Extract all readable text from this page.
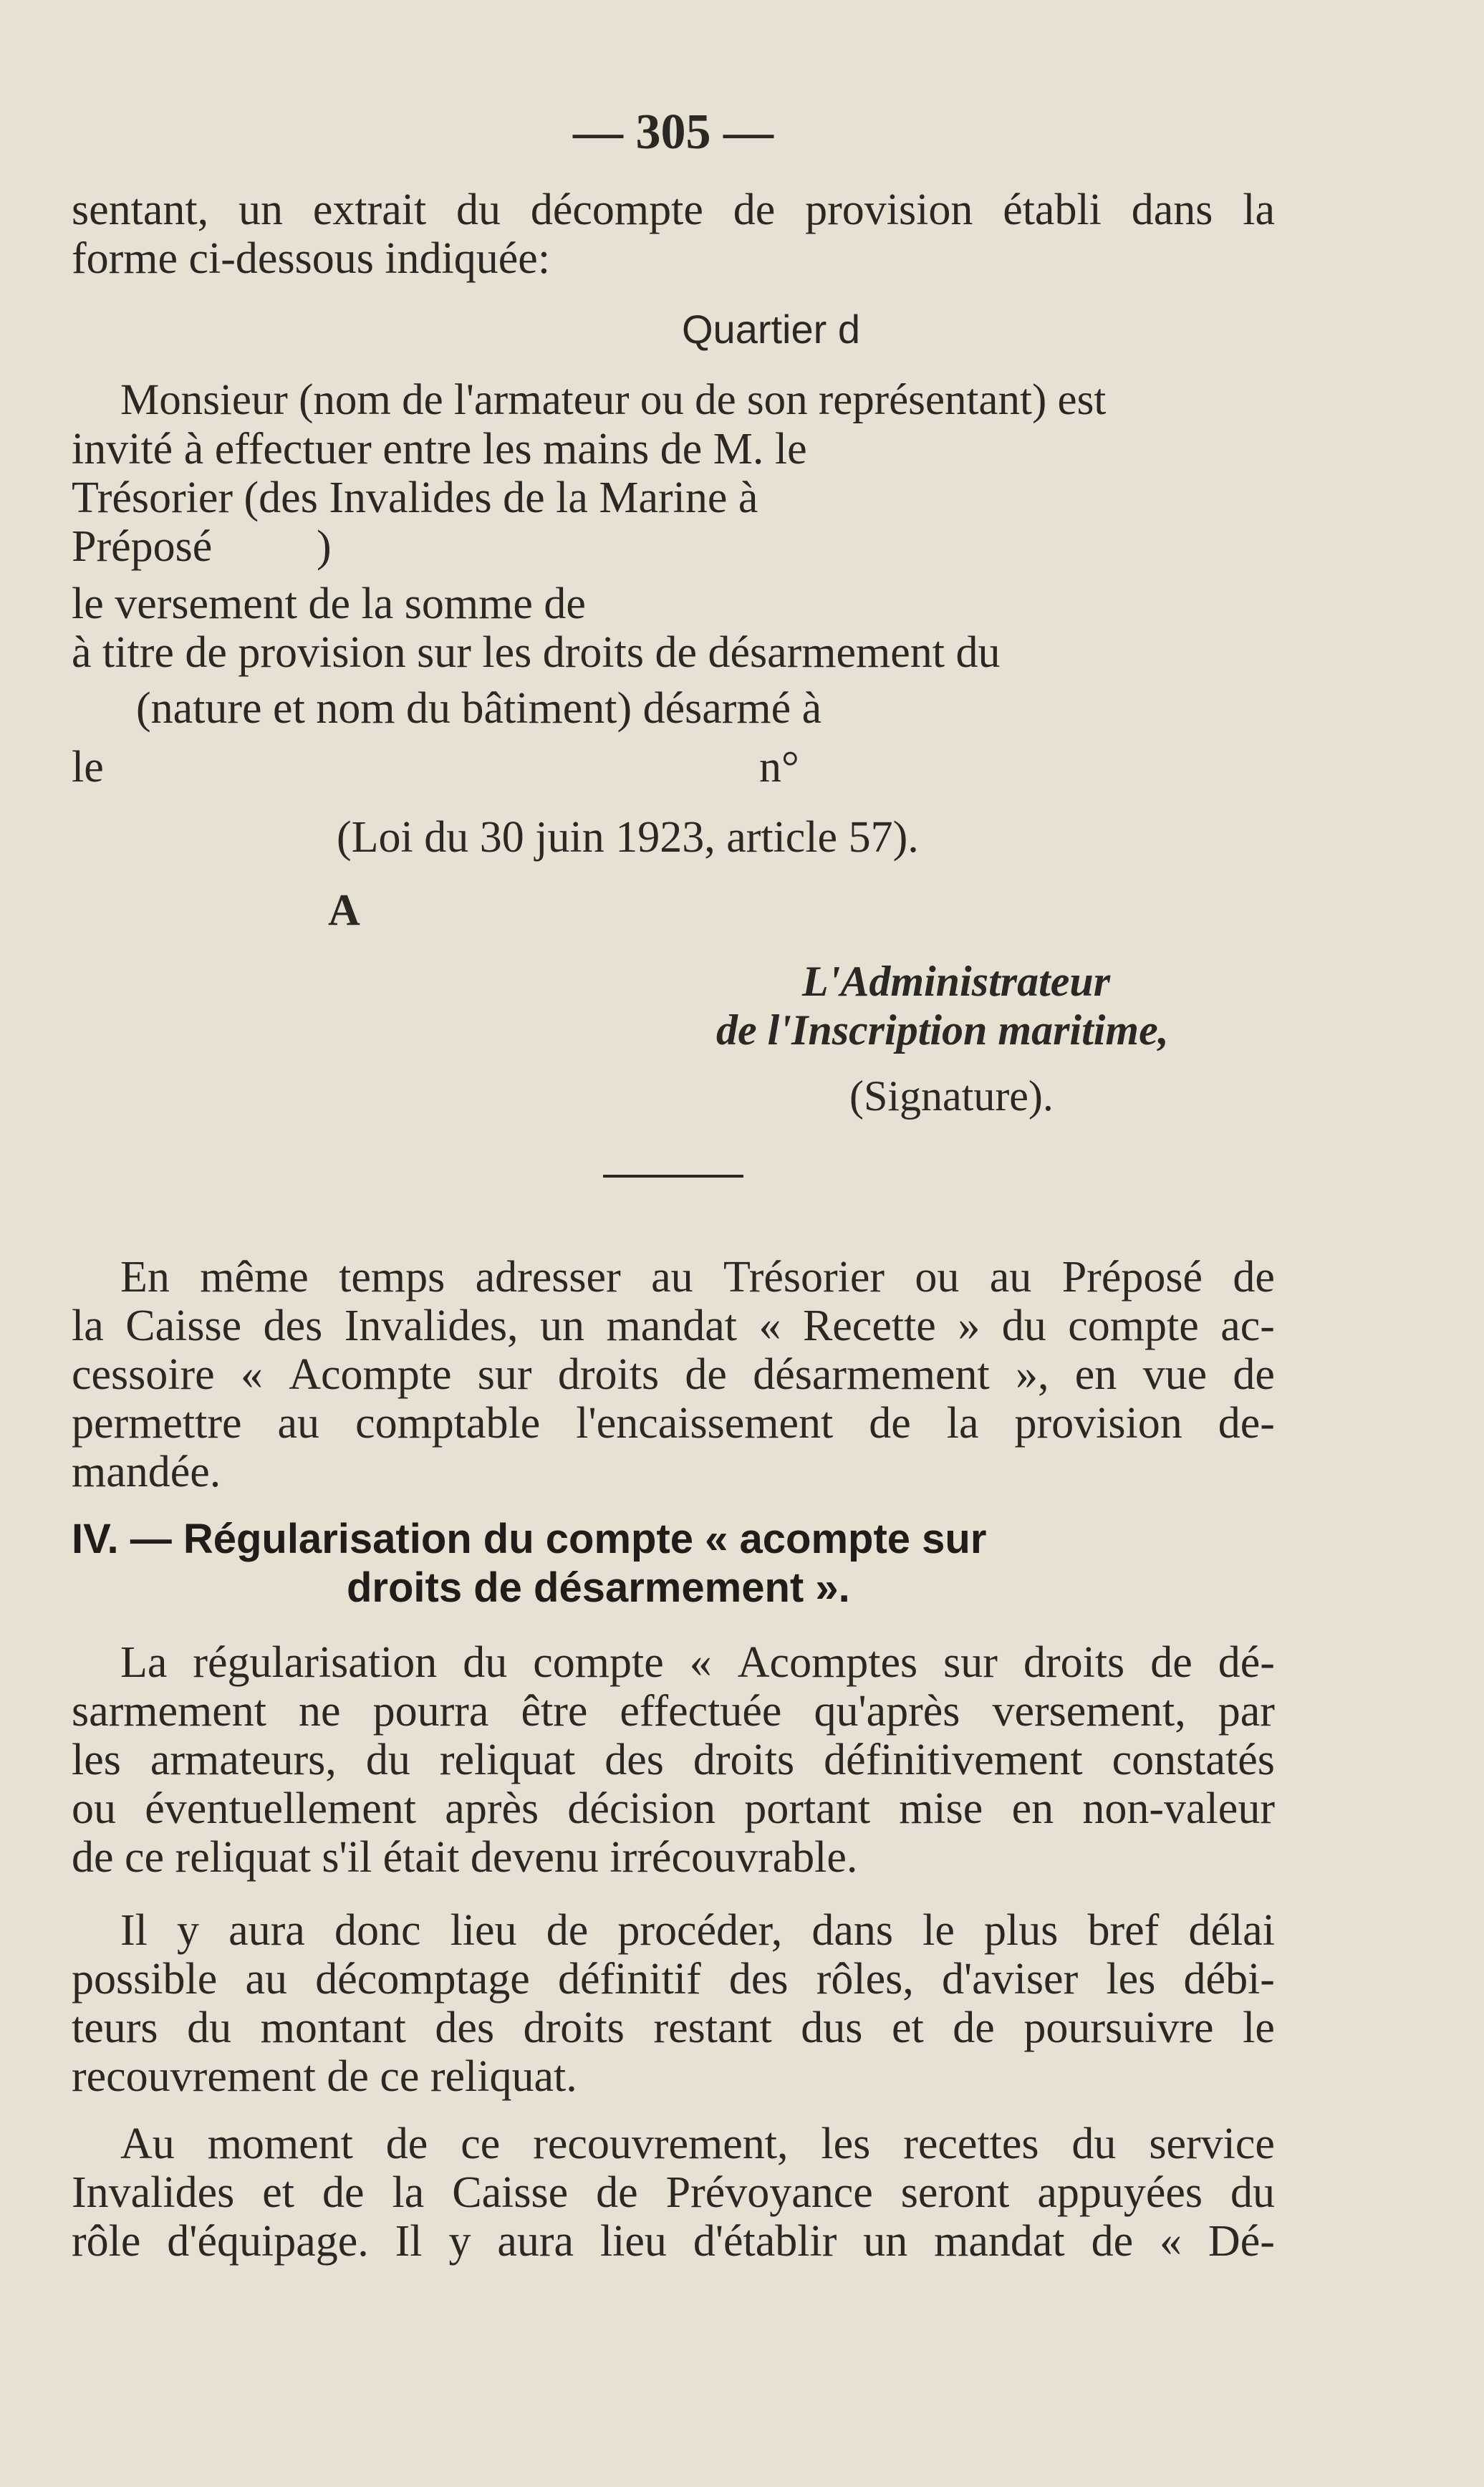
— 305 —
sentant, un extrait du décompte de provision établi dans la
forme ci-dessous indiquée:
Quartier d
Monsieur (nom de l'armateur ou de son représentant) est
invité à effectuer entre les mains de M. le
Trésorier (des Invalides de la Marine à
Préposé )
le versement de la somme de
à titre de provision sur les droits de désarmement du
(nature et nom du bâtiment) désarmé à
le	n°
(Loi du 30 juin 1923, article 57).
A
L'Administrateur
de l'Inscription maritime,
(Signature).
En même temps adresser au Trésorier ou au Préposé de
la Caisse des Invalides, un mandat « Recette » du compte ac-
cessoire « Acompte sur droits de désarmement », en vue de
permettre au comptable l'encaissement de la provision de-
mandée.
IV. — Régularisation du compte « acompte sur
droits de désarmement ».
La régularisation du compte « Acomptes sur droits de dé-
sarmement ne pourra être effectuée qu'après versement, par
les armateurs, du reliquat des droits définitivement constatés
ou éventuellement après décision portant mise en non-valeur
de ce reliquat s'il était devenu irrécouvrable.
Il y aura donc lieu de procéder, dans le plus bref délai
possible au décomptage définitif des rôles, d'aviser les débi-
teurs du montant des droits restant dus et de poursuivre le
recouvrement de ce reliquat.
Au moment de ce recouvrement, les recettes du service
Invalides et de la Caisse de Prévoyance seront appuyées du
rôle d'équipage. Il y aura lieu d'établir un mandat de « Dé-
